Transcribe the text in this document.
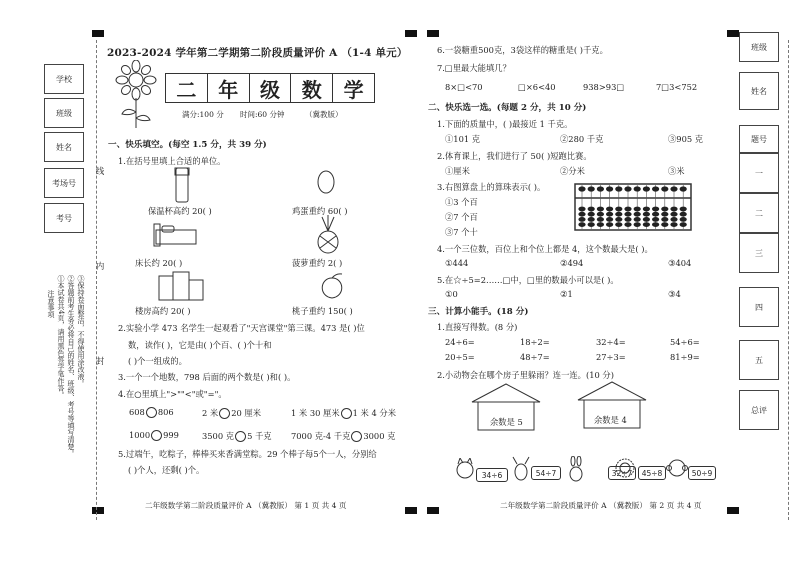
学校
班级
姓名
考场号
考号
注意事项 ①本试卷共4页，请用黑色签字笔作答。 ②答题前考生务必将自己的姓名、班级、考号等填写清楚。 ③保持卷面整洁，不得使用涂改液。
线
内
封
2023-2024 学年第二学期第二阶段质量评价 A （1-4 单元）
二	年	级	数	学
满分:100 分 时间:60 分钟	（冀教版）
一、快乐填空。(每空 1.5 分，共 39 分)
1.在括号里填上合适的单位。
保温杯高约 20( )	鸡蛋重约 60( )
床长约 20( )	菠萝重约 2( )
楼房高约 20( )	桃子重约 150( )
2.实验小学 473 名学生一起观看了"天宫课堂"第三课。473 是( )位
数，读作( )，它是由( )个百、( )个十和
( )个一组成的。
3.一个一个地数，798 后面的两个数是( )和( )。
4.在○里填上">""<"或"="。
608 806	2 米 20 厘米	1 米 30 厘米 1 米 4 分米
1000 999	3500 克 5 千克 7000 克-4 千克 3000 克
5.过端午，吃粽子，棒棒买来香满堂粽。29 个棒子每5个一人，分别给
( )个人，还剩( )个。
二年级数学第二阶段质量评价 A （冀教版） 第 1 页 共 4 页
6.一袋糖重500克，3袋这样的糖重是( )千克。
7.□里最大能填几？
8×□<70	□×6<40	938>93□	7□3<752
二、快乐选一选。(每题 2 分，共 10 分)
1.下面的质量中，( )最接近 1 千克。
①101 克	②280 千克	③905 克
2.体育课上，我们进行了 50( )短跑比赛。
①厘米	②分米	③米
3.右图算盘上的算珠表示( )。
①3 个百
②7 个百
③7 个十
4.一个三位数，百位上和个位上都是 4，这个数最大是( )。
①444	②494	③404
5.在☆÷5=2……□中，□里的数最小可以是( )。
①0	②1	③4
三、计算小能手。(18 分)
1.直接写得数。(8 分)
24÷6=	18÷2=	32÷4=	54÷6=
20÷5=	48÷7=	27÷3=	81÷9=
2.小动物会在哪个房子里躲雨？连一连。(10 分)
余数是 5	余数是 4
34÷6	54÷7	32÷7	45÷8	50÷9
二年级数学第二阶段质量评价 A （冀教版） 第 2 页 共 4 页
班级
姓名
题号
一
二
三
四
五
总评
